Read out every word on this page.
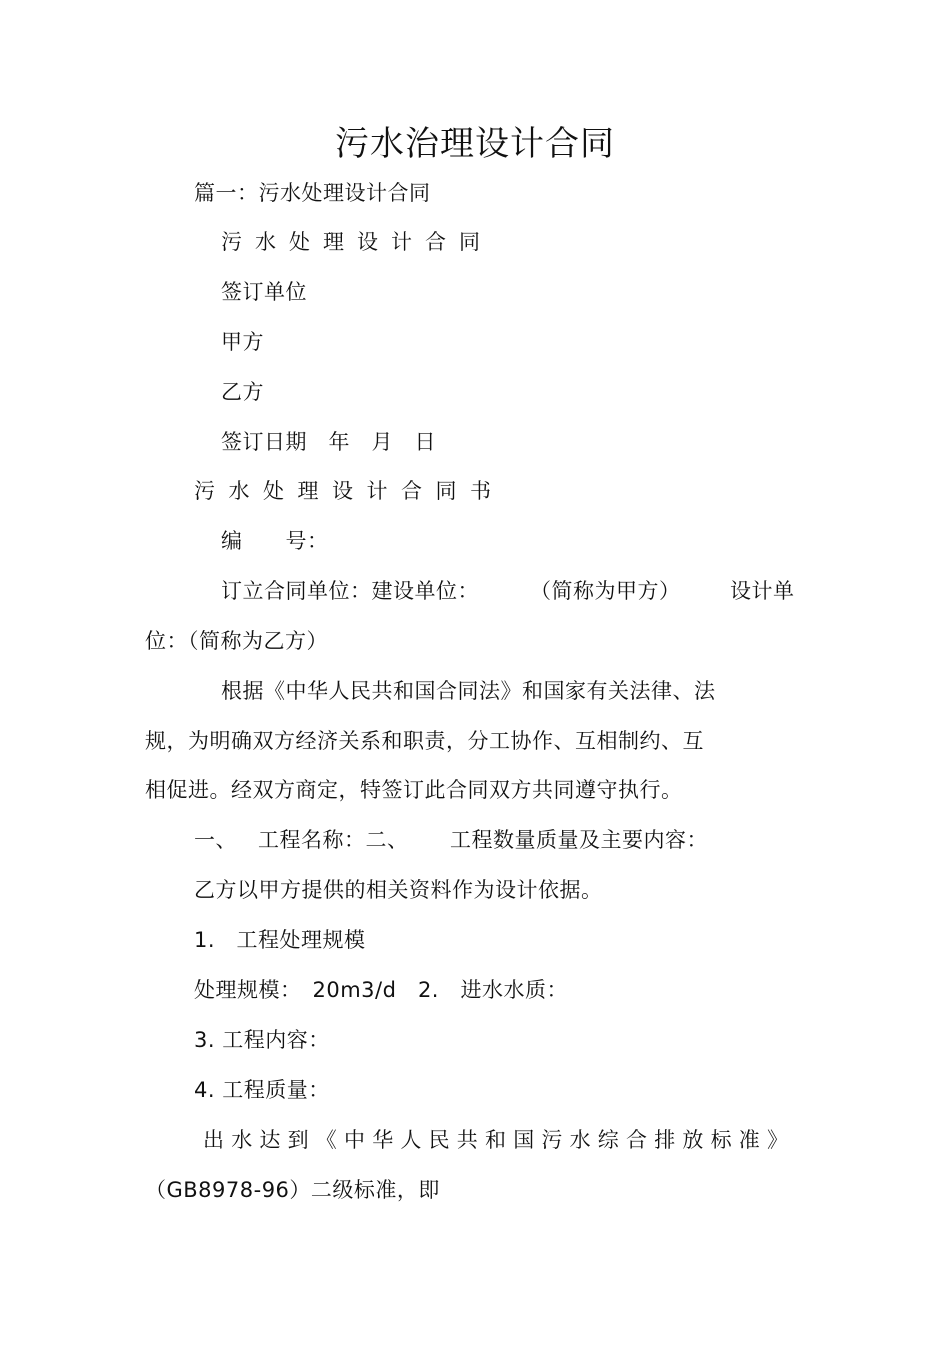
污水治理设计合同
篇一：污水处理设计合同
污水处理设计合同
签订单位
甲方
乙方
签订日期　年　月　日
污水处理设计合同书
编　　号：
订立合同单位：建设单位： （简称为甲方） 设计单
位：（简称为乙方）
根据《中华人民共和国合同法》和国家有关法律、法
规，为明确双方经济关系和职责，分工协作、互相制约、互
相促进。经双方商定，特签订此合同双方共同遵守执行。
一、 工程名称：二、 工程数量质量及主要内容：
乙方以甲方提供的相关资料作为设计依据。
1.　工程处理规模
处理规模：　20m3/d　2.　进水水质：
3. 工程内容：
4. 工程质量：
出水达到《中华人民共和国污水综合排放标准》
（GB8978-96）二级标准，即
